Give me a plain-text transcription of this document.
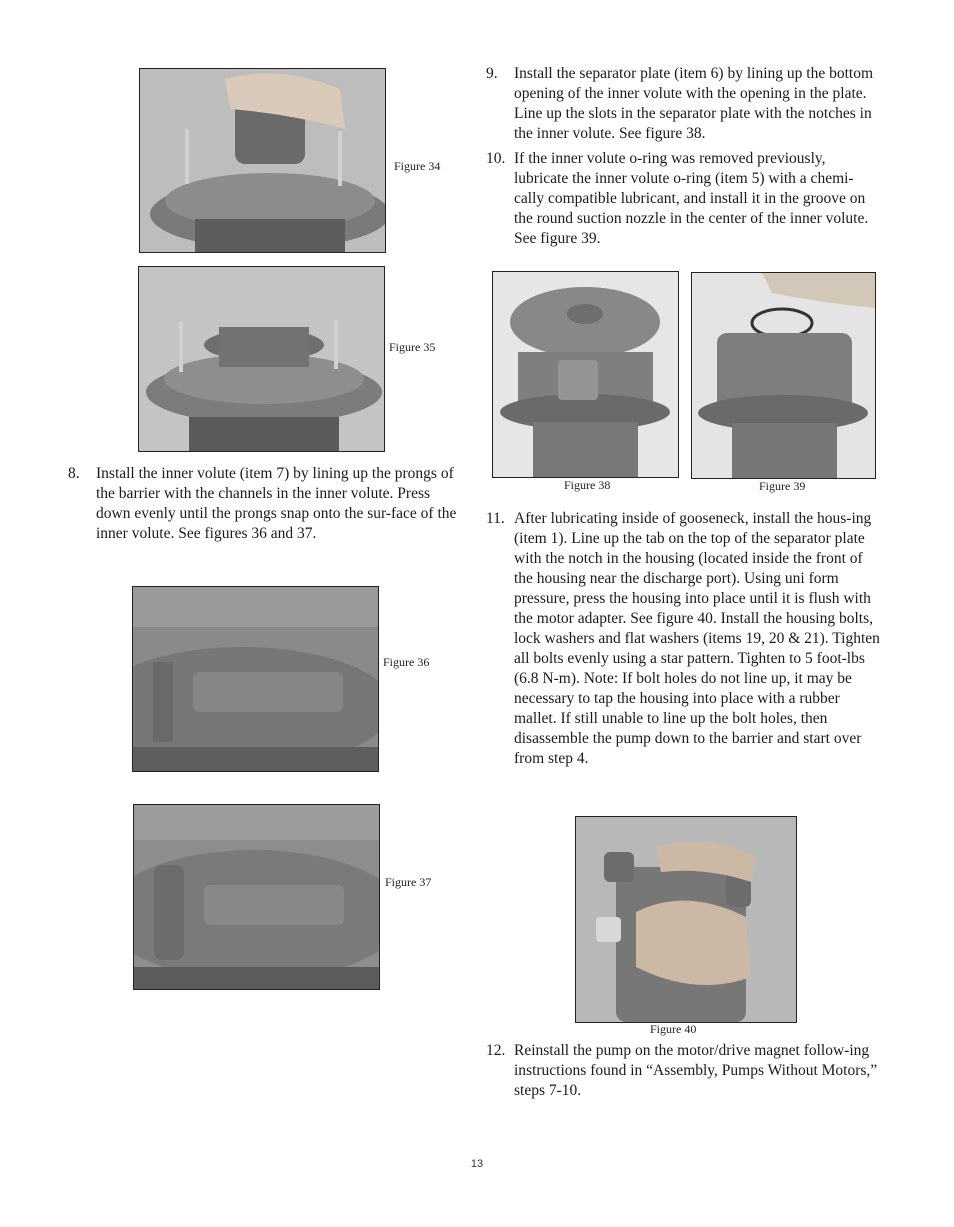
Figure 34
Figure 35
8. Install the inner volute (item 7) by lining up the prongs of the barrier with the channels in the inner volute. Press down evenly until the prongs snap onto the sur-face of the inner volute. See figures 36 and 37.
Figure 36
Figure 37
9. Install the separator plate (item 6) by lining up the bottom opening of the inner volute with the opening in the plate. Line up the slots in the separator plate with the notches in the inner volute. See figure 38.
10. If the inner volute o-ring was removed previously, lubricate the inner volute o-ring (item 5) with a chemi-cally compatible lubricant, and install it in the groove on the round suction nozzle in the center of the inner volute. See figure 39.
Figure 38	Figure 39
11. After lubricating inside of gooseneck, install the hous-ing (item 1). Line up the tab on the top of the separator plate with the notch in the housing (located inside the front of the housing near the discharge port). Using uni form pressure, press the housing into place until it is flush with the motor adapter. See figure 40. Install the housing bolts, lock washers and flat washers (items 19, 20 & 21). Tighten all bolts evenly using a star pattern. Tighten to 5 foot-lbs (6.8 N-m). Note: If bolt holes do not line up, it may be necessary to tap the housing into place with a rubber mallet. If still unable to line up the bolt holes, then disassemble the pump down to the barrier and start over from step 4.
Figure 40
12. Reinstall the pump on the motor/drive magnet follow-ing instructions found in “Assembly, Pumps Without Motors,” steps 7-10.
13
